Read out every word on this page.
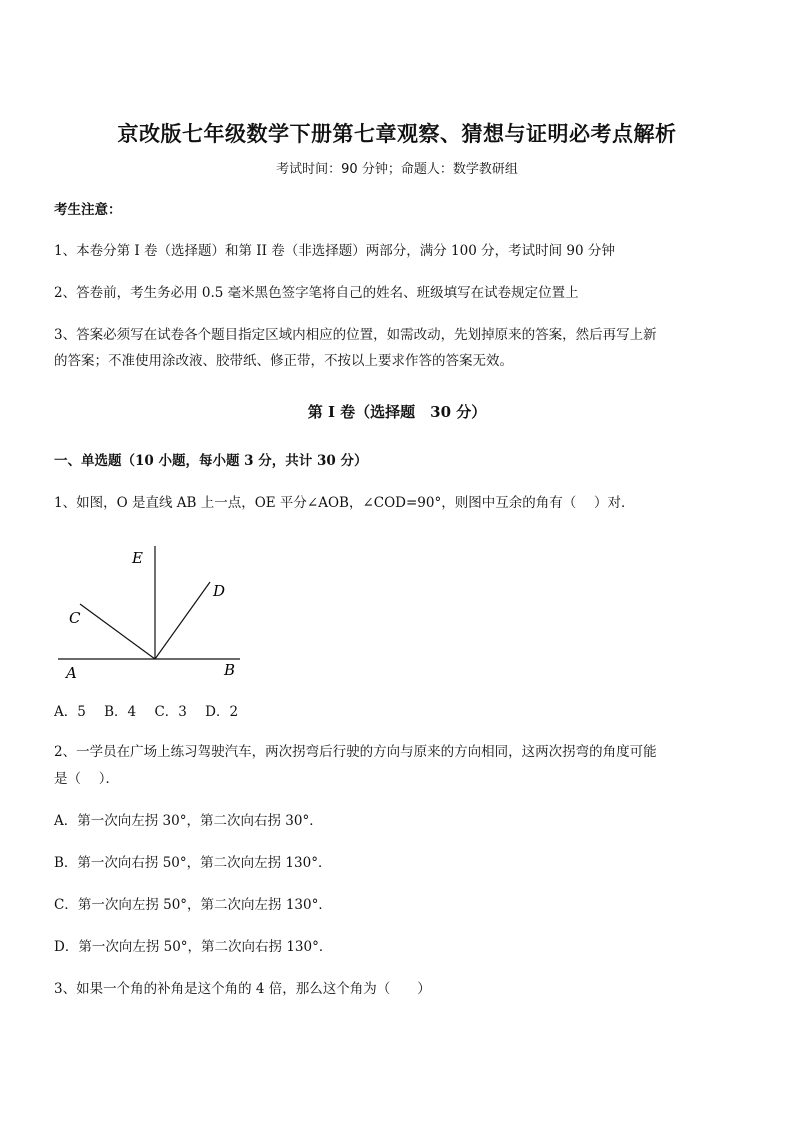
京改版七年级数学下册第七章观察、猜想与证明必考点解析
考试时间：90 分钟；命题人：数学教研组
考生注意：
1、本卷分第 I 卷（选择题）和第 II 卷（非选择题）两部分，满分 100 分，考试时间 90 分钟
2、答卷前，考生务必用 0.5 毫米黑色签字笔将自己的姓名、班级填写在试卷规定位置上
3、答案必须写在试卷各个题目指定区域内相应的位置，如需改动，先划掉原来的答案，然后再写上新
的答案；不准使用涂改液、胶带纸、修正带，不按以上要求作答的答案无效。
第 I 卷（选择题　30 分）
一、单选题（10 小题，每小题 3 分，共计 30 分）
1、如图，O 是直线 AB 上一点，OE 平分∠AOB，∠COD=90°，则图中互余的角有（　 ）对．
E
D
C
A	B
A．5 B．4 C．3 D．2
2、一学员在广场上练习驾驶汽车，两次拐弯后行驶的方向与原来的方向相同，这两次拐弯的角度可能
是（　 ）．
A．第一次向左拐 30°，第二次向右拐 30°．
B．第一次向右拐 50°，第二次向左拐 130°．
C．第一次向左拐 50°，第二次向左拐 130°．
D．第一次向左拐 50°，第二次向右拐 130°．
3、如果一个角的补角是这个角的 4 倍，那么这个角为（　　）
